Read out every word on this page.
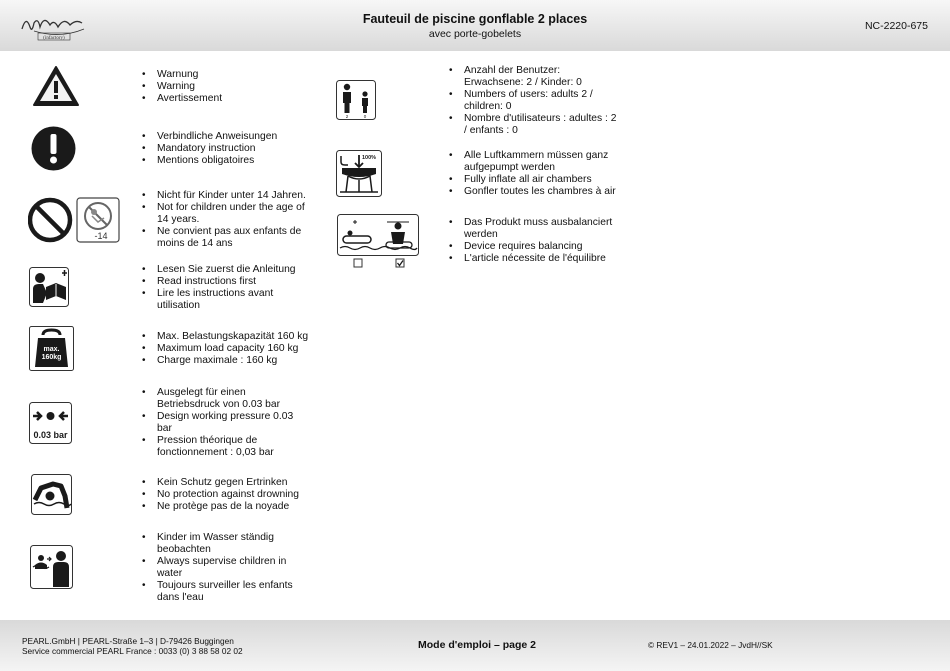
(infactory)
Fauteuil de piscine gonflable 2 places
avec porte-gobelets
NC-2220-675
• Warnung
• Warning
• Avertissement
• Verbindliche Anweisungen
• Mandatory instruction
• Mentions obligatoires
-14
• Nicht für Kinder unter 14 Jahren.
• Not for children under the age of 14 years.
• Ne convient pas aux enfants de moins de 14 ans
• Lesen Sie zuerst die Anleitung
• Read instructions first
• Lire les instructions avant utilisation
max.
160kg
• Max. Belastungskapazität 160 kg
• Maximum load capacity 160 kg
• Charge maximale : 160 kg
0.03 bar
• Ausgelegt für einen Betriebsdruck von 0.03 bar
• Design working pressure 0.03 bar
• Pression théorique de fonctionnement : 0,03 bar
• Kein Schutz gegen Ertrinken
• No protection against drowning
• Ne protège pas de la noyade
• Kinder im Wasser ständig beobachten
• Always supervise children in water
• Toujours surveiller les enfants dans l'eau
2	0
• Anzahl der Benutzer: Erwachsene: 2 / Kinder: 0
• Numbers of users: adults 2 / children: 0
• Nombre d'utilisateurs : adultes : 2 / enfants : 0
100%
•	Alle Luftkammern müssen ganz aufgepumpt werden
• Fully inflate all air chambers
• Gonfler toutes les chambres à air
• Das Produkt muss ausbalanciert werden
• Device requires balancing
• L'article nécessite de l'équilibre
PEARL.GmbH | PEARL-Straße 1–3 | D-79426 Buggingen
Service commercial PEARL France : 0033 (0) 3 88 58 02 02	Mode d'emploi – page 2	© REV1 – 24.01.2022 – JvdH//SK
